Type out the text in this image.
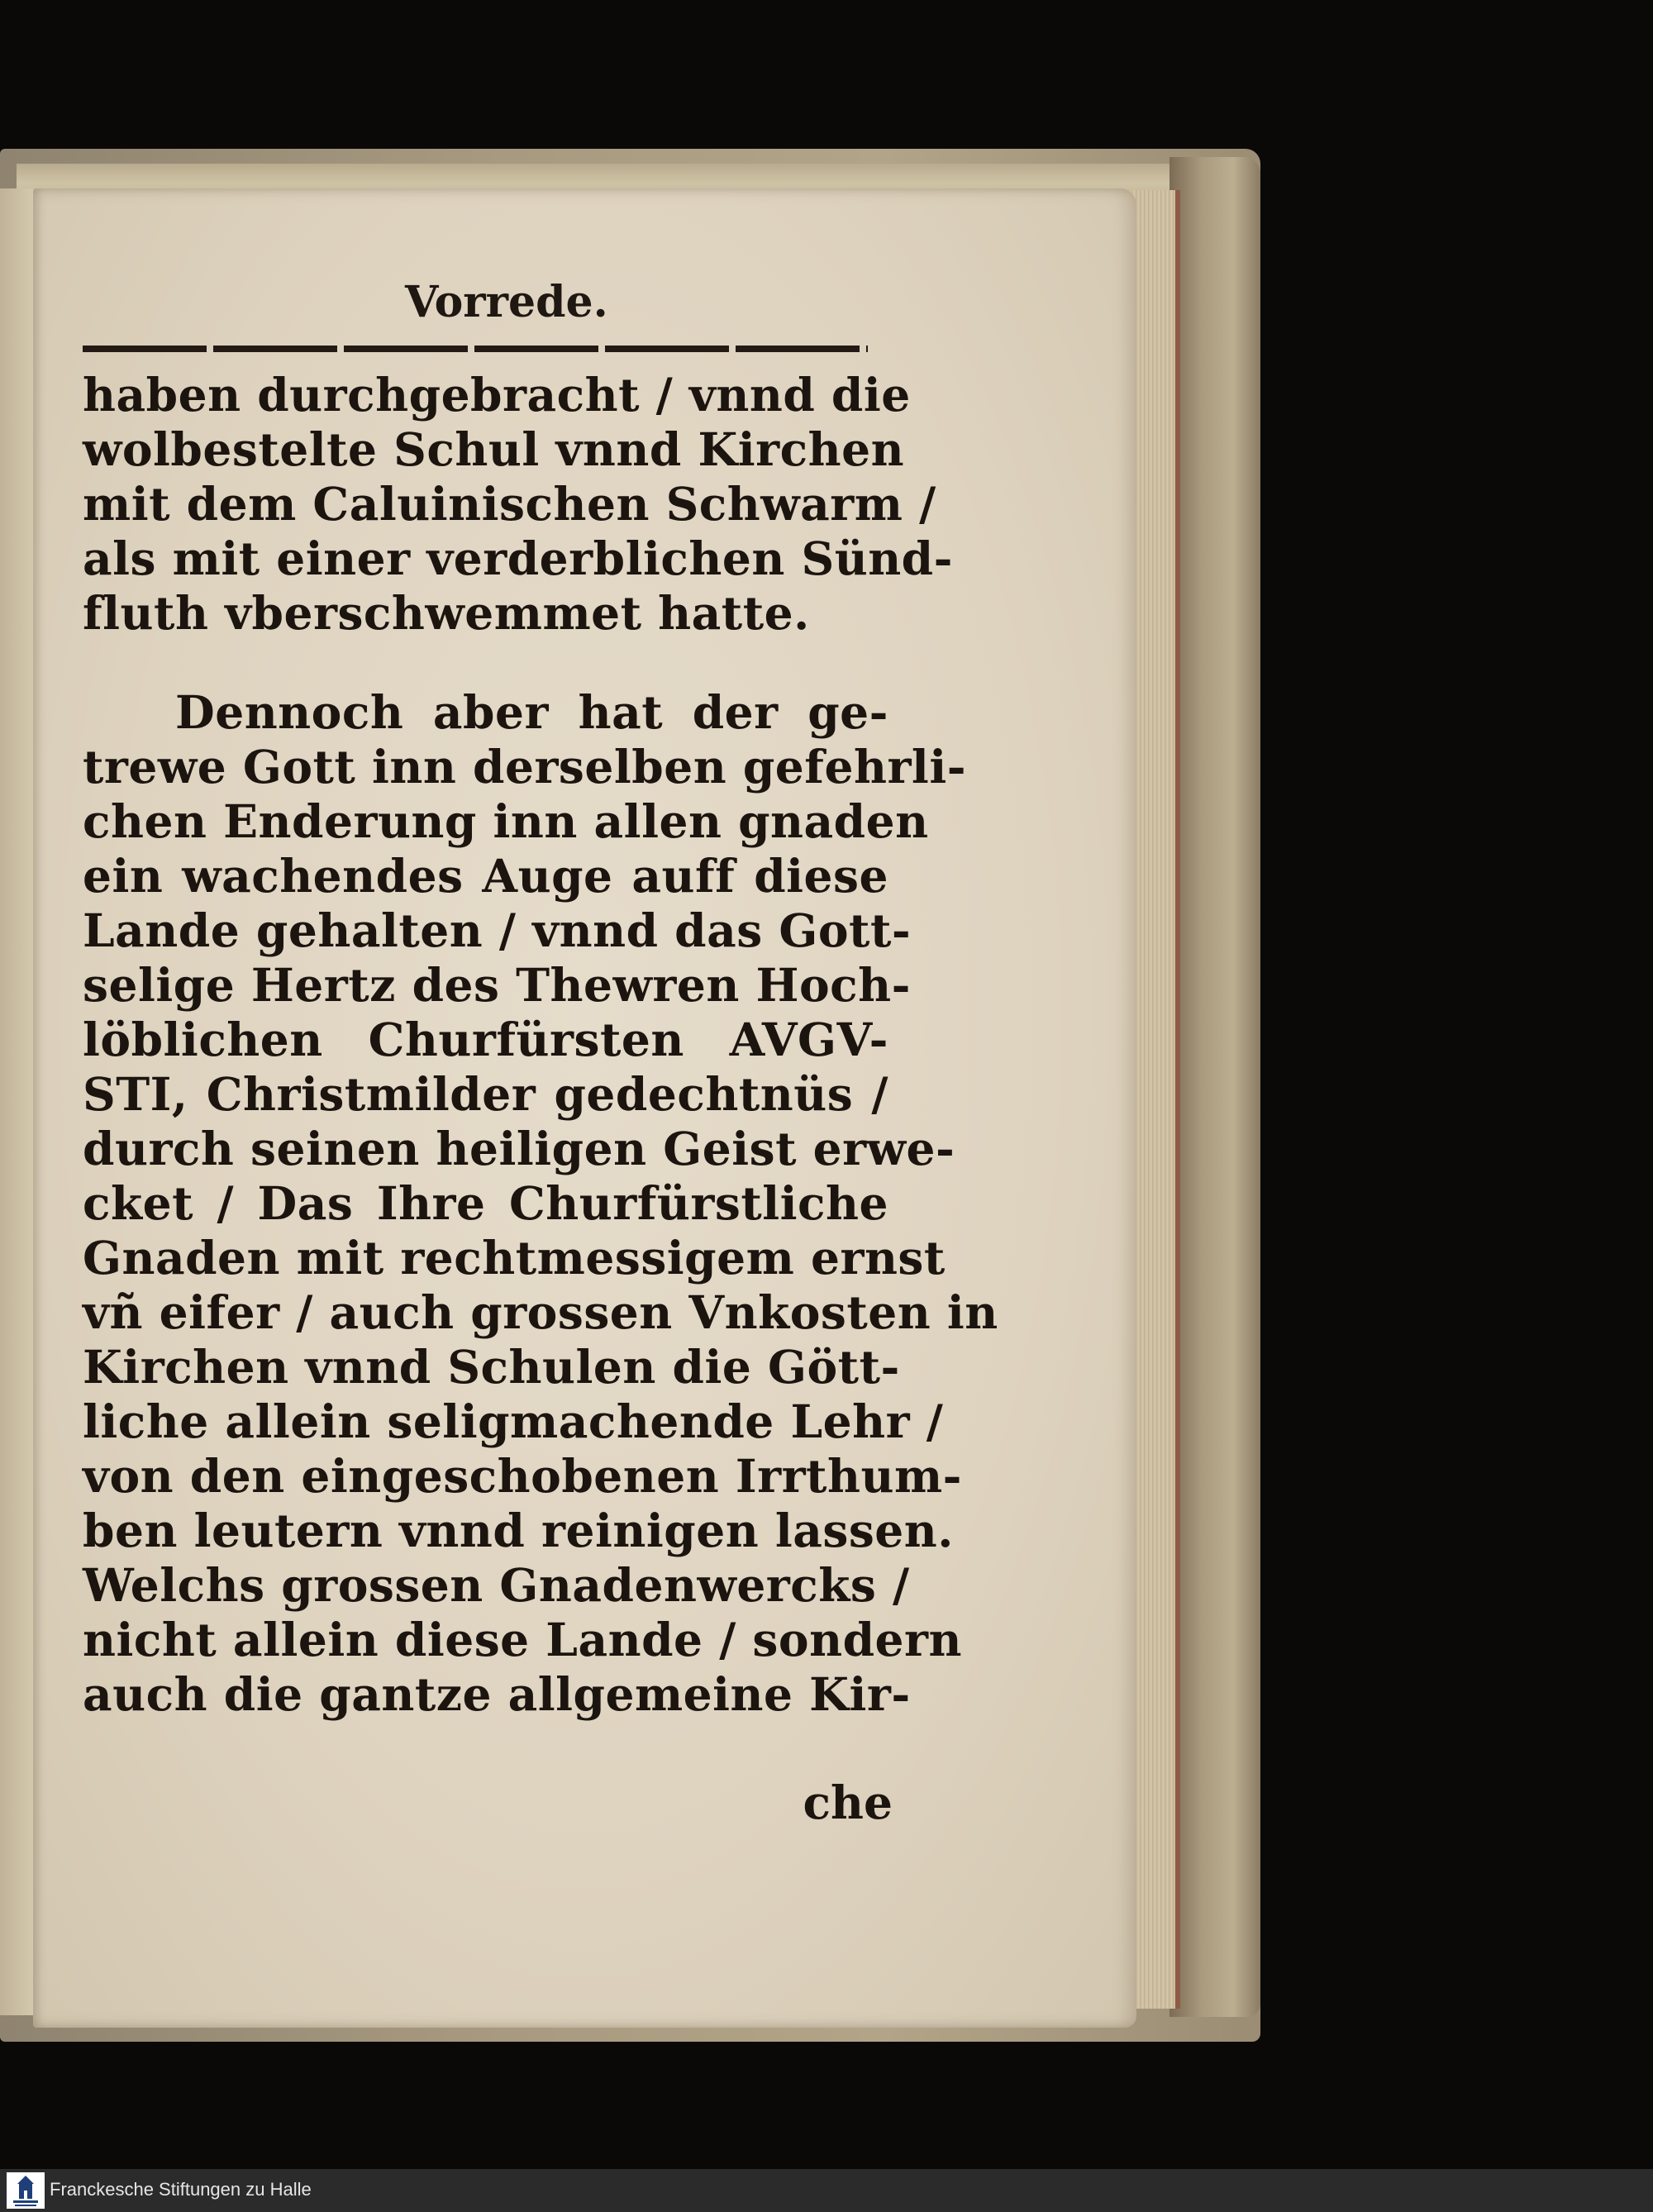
Vorrede.
haben durchgebracht / vnnd die
wolbestelte Schul vnnd Kirchen
mit dem Caluinischen Schwarm /
als mit einer verderblichen Sünd-
fluth vberschwemmet hatte.
Dennoch aber hat der ge-
trewe Gott inn derselben gefehrli-
chen Enderung inn allen gnaden
ein wachendes Auge auff diese
Lande gehalten / vnnd das Gott-
selige Hertz des Thewren Hoch-
löblichen Churfürsten AVGV-
STI, Christmilder gedechtnüs /
durch seinen heiligen Geist erwe-
cket / Das Ihre Churfürstliche
Gnaden mit rechtmessigem ernst
vñ eifer / auch grossen Vnkosten in
Kirchen vnnd Schulen die Gött-
liche allein seligmachende Lehr /
von den eingeschobenen Irrthum-
ben leutern vnnd reinigen lassen.
Welchs grossen Gnadenwercks /
nicht allein diese Lande / sondern
auch die gantze allgemeine Kir-
che
Franckesche Stiftungen zu Halle
